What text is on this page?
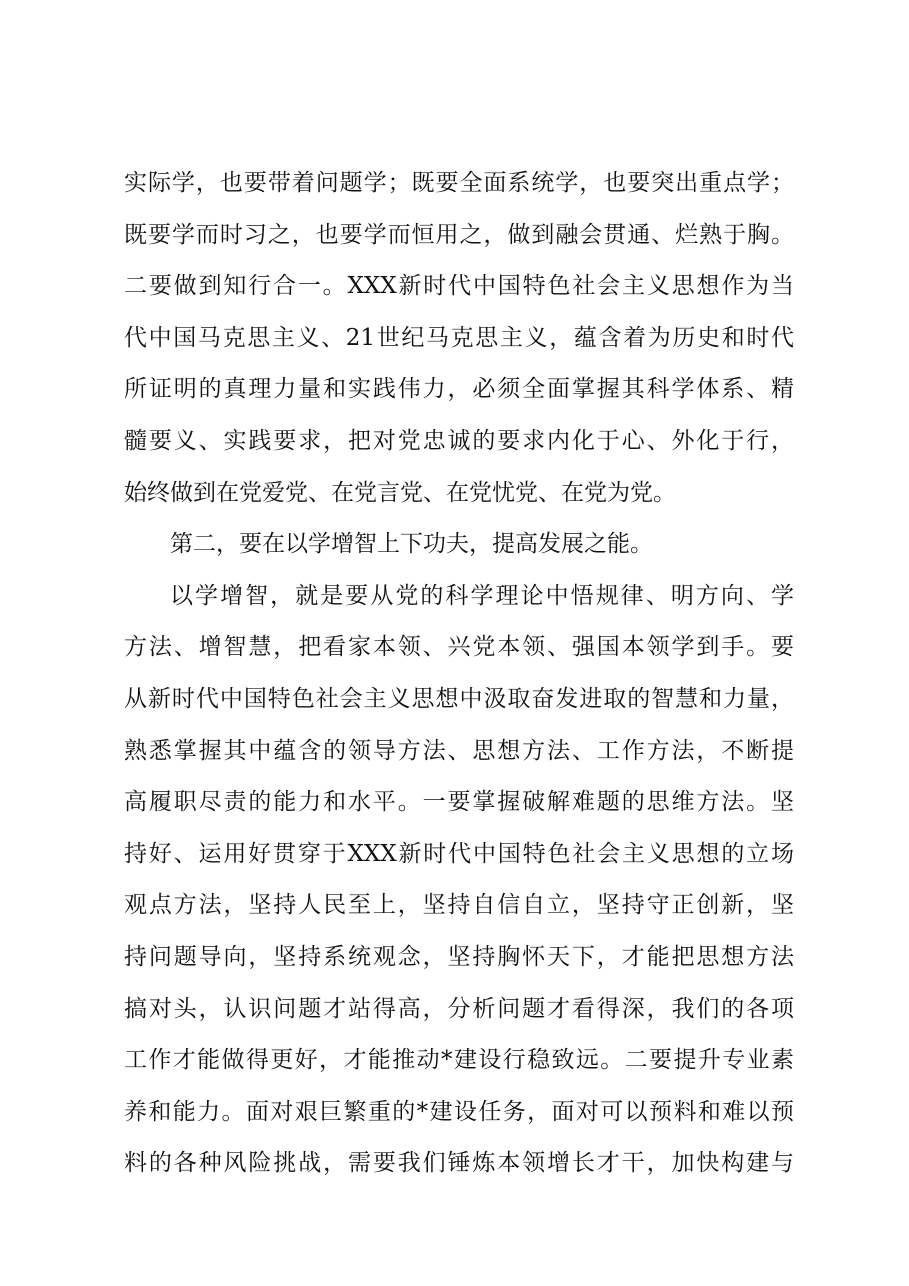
实际学，也要带着问题学；既要全面系统学，也要突出重点学；
既要学而时习之，也要学而恒用之，做到融会贯通、烂熟于胸。
二要做到知行合一。XXX新时代中国特色社会主义思想作为当
代中国马克思主义、21世纪马克思主义，蕴含着为历史和时代
所证明的真理力量和实践伟力，必须全面掌握其科学体系、精
髓要义、实践要求，把对党忠诚的要求内化于心、外化于行，
始终做到在党爱党、在党言党、在党忧党、在党为党。
第二，要在以学增智上下功夫，提高发展之能。
以学增智，就是要从党的科学理论中悟规律、明方向、学
方法、增智慧，把看家本领、兴党本领、强国本领学到手。要
从新时代中国特色社会主义思想中汲取奋发进取的智慧和力量，
熟悉掌握其中蕴含的领导方法、思想方法、工作方法，不断提
高履职尽责的能力和水平。一要掌握破解难题的思维方法。坚
持好、运用好贯穿于XXX新时代中国特色社会主义思想的立场
观点方法，坚持人民至上，坚持自信自立，坚持守正创新，坚
持问题导向，坚持系统观念，坚持胸怀天下，才能把思想方法
搞对头，认识问题才站得高，分析问题才看得深，我们的各项
工作才能做得更好，才能推动*建设行稳致远。二要提升专业素
养和能力。面对艰巨繁重的*建设任务，面对可以预料和难以预
料的各种风险挑战，需要我们锤炼本领增长才干，加快构建与
